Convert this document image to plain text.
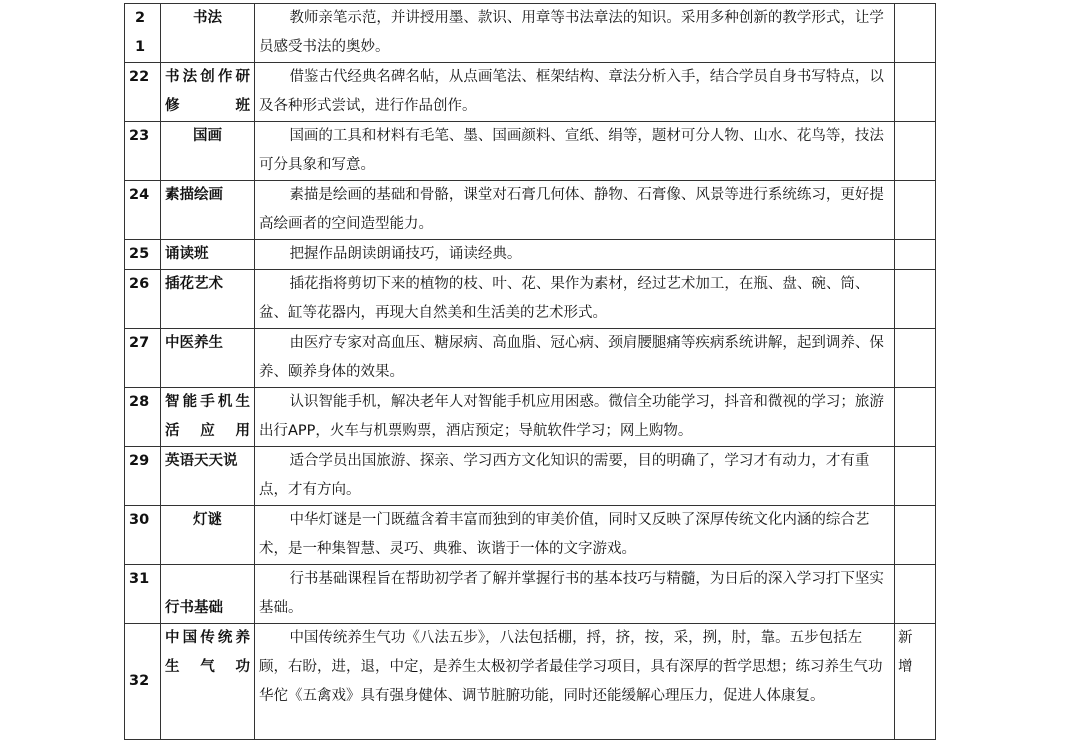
21	书法	教师亲笔示范，并讲授用墨、款识、用章等书法章法的知识。采用多种创新的教学形式，让学员感受书法的奥妙。	

22	书法创作研修班	借鉴古代经典名碑名帖，从点画笔法、框架结构、章法分析入手，结合学员自身书写特点，以及各种形式尝试，进行作品创作。	

23	国画	国画的工具和材料有毛笔、墨、国画颜料、宣纸、绢等，题材可分人物、山水、花鸟等，技法可分具象和写意。	

24	素描绘画	素描是绘画的基础和骨骼，课堂对石膏几何体、静物、石膏像、风景等进行系统练习，更好提高绘画者的空间造型能力。	

25	诵读班	把握作品朗读朗诵技巧，诵读经典。	

26	插花艺术	插花指将剪切下来的植物的枝、叶、花、果作为素材，经过艺术加工，在瓶、盘、碗、筒、盆、缸等花器内，再现大自然美和生活美的艺术形式。	

27	中医养生	由医疗专家对高血压、糖尿病、高血脂、冠心病、颈肩腰腿痛等疾病系统讲解，起到调养、保养、颐养身体的效果。	

28	智能手机生活应用	认识智能手机，解决老年人对智能手机应用困惑。微信全功能学习，抖音和微视的学习；旅游出行APP，火车与机票购票，酒店预定；导航软件学习；网上购物。	

29	英语天天说	适合学员出国旅游、探亲、学习西方文化知识的需要，目的明确了，学习才有动力，才有重点，才有方向。	

30	灯谜	中华灯谜是一门既蕴含着丰富而独到的审美价值，同时又反映了深厚传统文化内涵的综合艺术，是一种集智慧、灵巧、典雅、诙谐于一体的文字游戏。	

31	行书基础	行书基础课程旨在帮助初学者了解并掌握行书的基本技巧与精髓，为日后的深入学习打下坚实基础。	

32	中国传统养生气功	中国传统养生气功《八法五步》，八法包括棚，捋，挤，按，采，挒，肘，靠。五步包括左顾，右盼，进，退，中定，是养生太极初学者最佳学习项目，具有深厚的哲学思想；练习养生气功华佗《五禽戏》具有强身健体、调节脏腑功能，同时还能缓解心理压力，促进人体康复。	新增
